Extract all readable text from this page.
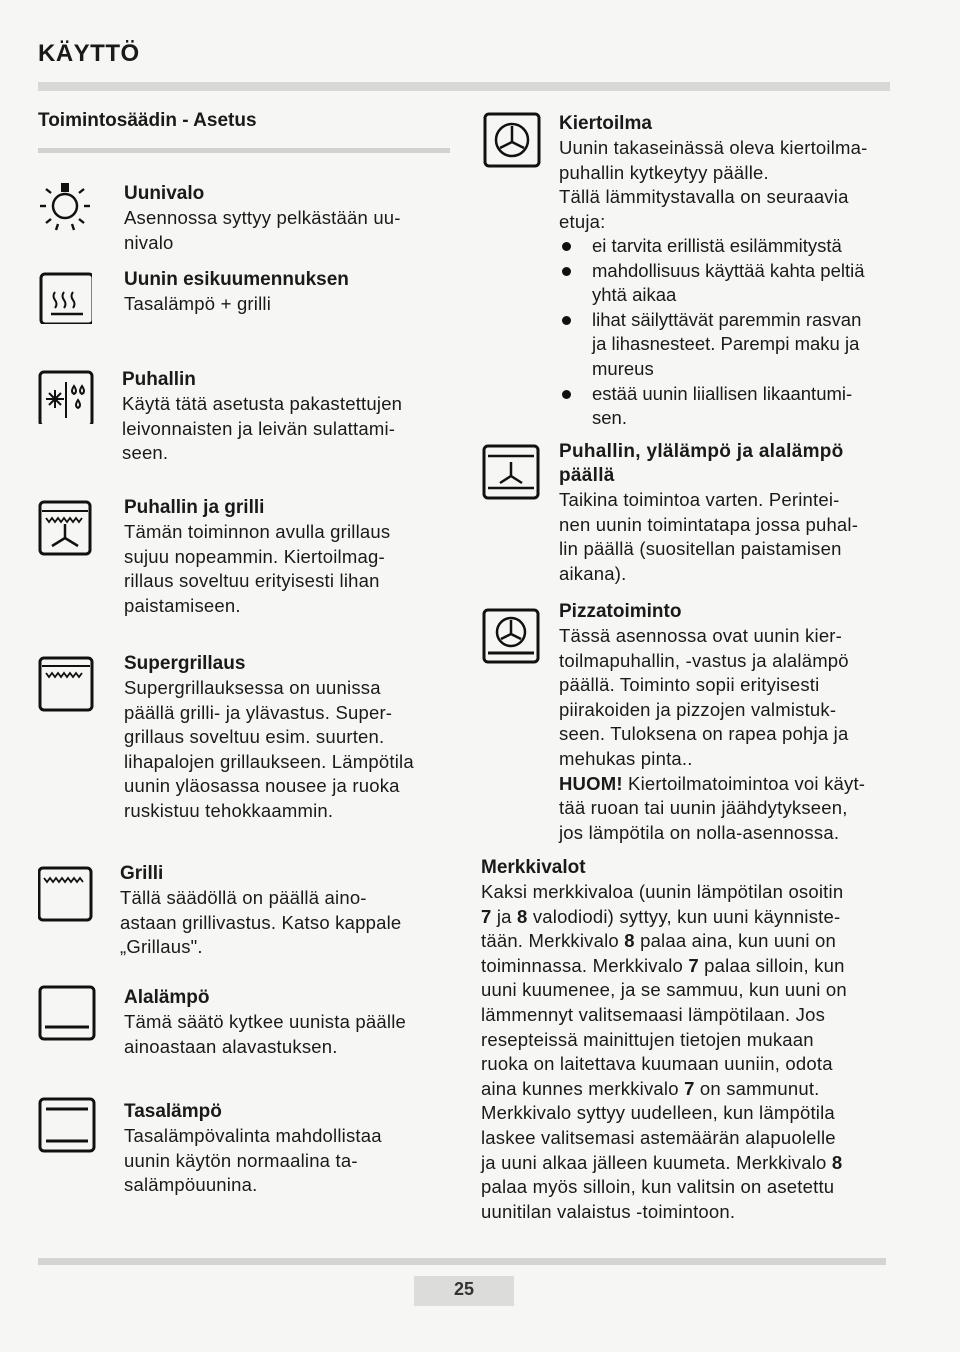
KÄYTTÖ
Toimintosäädin - Asetus
Uunivalo
Asennossa syttyy pelkästään uu-
nivalo
Uunin esikuumennuksen
Tasalämpö + grilli
Puhallin
Käytä tätä asetusta pakastettujen
leivonnaisten ja leivän sulattami-
seen.
Puhallin ja grilli
Tämän toiminnon avulla grillaus
sujuu nopeammin. Kiertoilmag-
rillaus soveltuu erityisesti lihan
paistamiseen.
Supergrillaus
Supergrillauksessa on uunissa
päällä grilli- ja ylävastus. Super-
grillaus soveltuu esim. suurten.
lihapalojen grillaukseen. Lämpötila
uunin yläosassa nousee ja ruoka
ruskistuu tehokkaammin.
Grilli
Tällä säädöllä on päällä aino-
astaan grillivastus. Katso kappale
„Grillaus".
Alalämpö
Tämä säätö kytkee uunista päälle
ainoastaan alavastuksen.
Tasalämpö
Tasalämpövalinta mahdollistaa
uunin käytön normaalina ta-
salämpöuunina.
Kiertoilma
Uunin takaseinässä oleva kiertoilma-
puhallin kytkeytyy päälle.
Tällä lämmitystavalla on seuraavia
etuja:
ei tarvita erillistä esilämmitystä
mahdollisuus käyttää kahta peltiä
yhtä aikaa
lihat säilyttävät paremmin rasvan
ja lihasnesteet. Parempi maku ja
mureus
estää uunin liiallisen likaantumi-
sen.
Puhallin, ylälämpö ja alalämpö
päällä
Taikina toimintoa varten. Perintei-
nen uunin toimintatapa jossa puhal-
lin päällä (suositellan paistamisen
aikana).
Pizzatoiminto
Tässä asennossa ovat uunin kier-
toilmapuhallin, -vastus ja alalämpö
päällä. Toiminto sopii erityisesti
piirakoiden ja pizzojen valmistuk-
seen. Tuloksena on rapea pohja ja
mehukas pinta..
HUOM! Kiertoilmatoimintoa voi käyt-
tää ruoan tai uunin jäähdytykseen,
jos lämpötila on nolla-asennossa.
Merkkivalot
Kaksi merkkivaloa (uunin lämpötilan osoitin
7 ja 8 valodiodi) syttyy, kun uuni käynniste-
tään. Merkkivalo 8 palaa aina, kun uuni on
toiminnassa. Merkkivalo 7 palaa silloin, kun
uuni kuumenee, ja se sammuu, kun uuni on
lämmennyt valitsemaasi lämpötilaan. Jos
resepteissä mainittujen tietojen mukaan
ruoka on laitettava kuumaan uuniin, odota
aina kunnes merkkivalo 7 on sammunut.
Merkkivalo syttyy uudelleen, kun lämpötila
laskee valitsemasi astemäärän alapuolelle
ja uuni alkaa jälleen kuumeta. Merkkivalo 8
palaa myös silloin, kun valitsin on asetettu
uunitilan valaistus -toimintoon.
25
